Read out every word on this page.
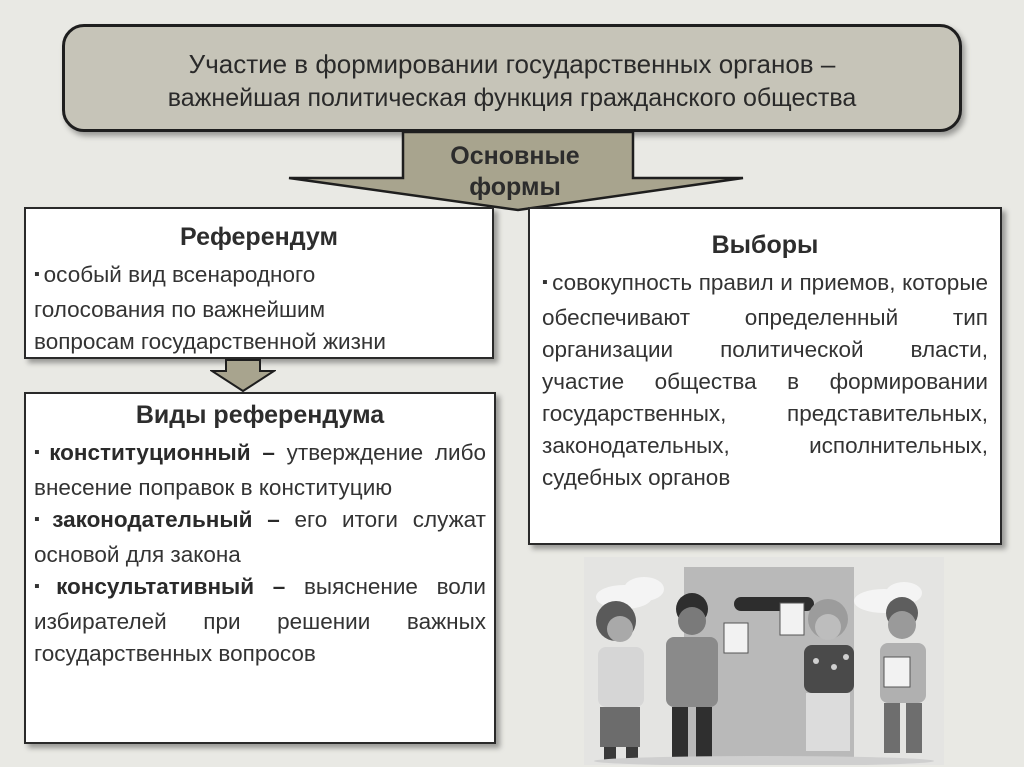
Участие в формировании государственных органов –
важнейшая политическая функция гражданского общества
Основные
формы
Референдум
▪ особый вид всенародного
голосования по важнейшим
вопросам государственной жизни
Виды референдума
▪ конституционный – утверждение либо внесение поправок в конституцию
▪ законодательный – его итоги служат основой для закона
▪ консультативный – выяснение воли избирателей при решении важных государственных вопросов
Выборы
▪ совокупность правил и приемов, которые обеспечивают определенный тип организации политической власти, участие общества в формировании государственных, представительных, законодательных, исполнительных, судебных органов
